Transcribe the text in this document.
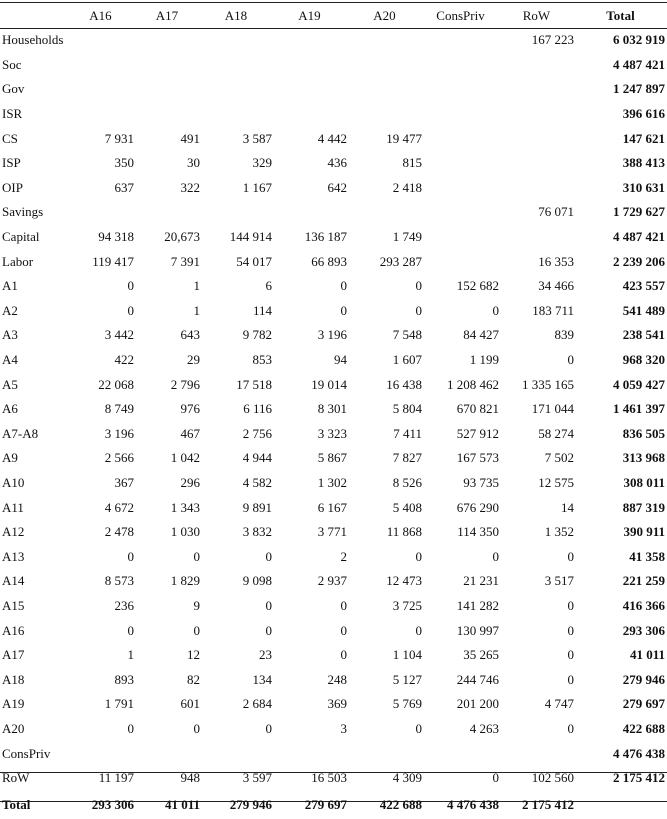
	A16	A17	A18	A19	A20	ConsPriv	RoW	Total
Households							167 223	6 032 919
Soc								4 487 421
Gov								1 247 897
ISR								396 616
CS	7 931	491	3 587	4 442	19 477			147 621
ISP	350	30	329	436	815			388 413
OIP	637	322	1 167	642	2 418			310 631
Savings							76 071	1 729 627
Capital	94 318	20,673	144 914	136 187	1 749			4 487 421
Labor	119 417	7 391	54 017	66 893	293 287		16 353	2 239 206
A1	0	1	6	0	0	152 682	34 466	423 557
A2	0	1	114	0	0	0	183 711	541 489
A3	3 442	643	9 782	3 196	7 548	84 427	839	238 541
A4	422	29	853	94	1 607	1 199	0	968 320
A5	22 068	2 796	17 518	19 014	16 438	1 208 462	1 335 165	4 059 427
A6	8 749	976	6 116	8 301	5 804	670 821	171 044	1 461 397
A7-A8	3 196	467	2 756	3 323	7 411	527 912	58 274	836 505
A9	2 566	1 042	4 944	5 867	7 827	167 573	7 502	313 968
A10	367	296	4 582	1 302	8 526	93 735	12 575	308 011
A11	4 672	1 343	9 891	6 167	5 408	676 290	14	887 319
A12	2 478	1 030	3 832	3 771	11 868	114 350	1 352	390 911
A13	0	0	0	2	0	0	0	41 358
A14	8 573	1 829	9 098	2 937	12 473	21 231	3 517	221 259
A15	236	9	0	0	3 725	141 282	0	416 366
A16	0	0	0	0	0	130 997	0	293 306
A17	1	12	23	0	1 104	35 265	0	41 011
A18	893	82	134	248	5 127	244 746	0	279 946
A19	1 791	601	2 684	369	5 769	201 200	4 747	279 697
A20	0	0	0	3	0	4 263	0	422 688
ConsPriv								4 476 438
RoW	11 197	948	3 597	16 503	4 309	0	102 560	2 175 412
Total	293 306	41 011	279 946	279 697	422 688	4 476 438	2 175 412	
